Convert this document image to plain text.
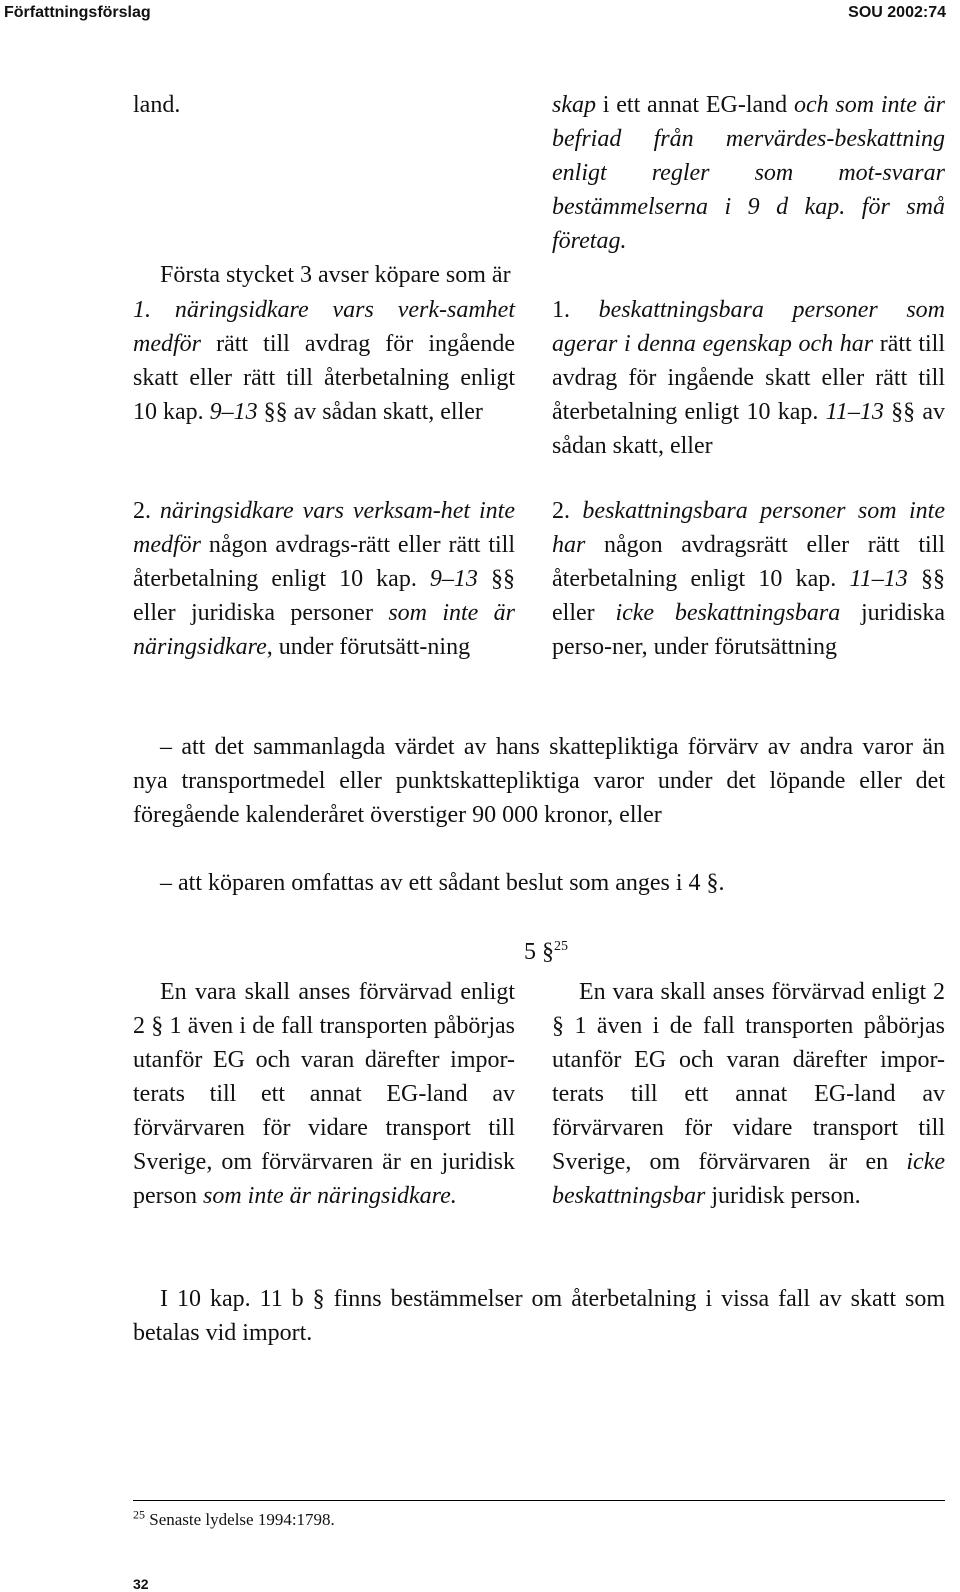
Författningsförslag	SOU 2002:74
land.	skap i ett annat EG-land och som inte är befriad från mervärdes-beskattning enligt regler som mot-svarar bestämmelserna i 9 d kap. för små företag.
Första stycket 3 avser köpare som är
1. näringsidkare vars verk-samhet medför rätt till avdrag för ingående skatt eller rätt till återbetalning enligt 10 kap. 9–13 §§ av sådan skatt, eller
1. beskattningsbara personer som agerar i denna egenskap och har rätt till avdrag för ingående skatt eller rätt till återbetalning enligt 10 kap. 11–13 §§ av sådan skatt, eller
2. näringsidkare vars verksam-het inte medför någon avdrags-rätt eller rätt till återbetalning enligt 10 kap. 9–13 §§ eller juridiska personer som inte är näringsidkare, under förutsätt-ning
2. beskattningsbara personer som inte har någon avdragsrätt eller rätt till återbetalning enligt 10 kap. 11–13 §§ eller icke beskattningsbara juridiska perso-ner, under förutsättning
– att det sammanlagda värdet av hans skattepliktiga förvärv av andra varor än nya transportmedel eller punktskattepliktiga varor under det löpande eller det föregående kalenderåret överstiger 90 000 kronor, eller
– att köparen omfattas av ett sådant beslut som anges i 4 §.
5 §$^{25}$
En vara skall anses förvärvad enligt 2 § 1 även i de fall transporten påbörjas utanför EG och varan därefter impor-terats till ett annat EG-land av förvärvaren för vidare transport till Sverige, om förvärvaren är en juridisk person som inte är näringsidkare.
En vara skall anses förvärvad enligt 2 § 1 även i de fall transporten påbörjas utanför EG och varan därefter impor-terats till ett annat EG-land av förvärvaren för vidare transport till Sverige, om förvärvaren är en icke beskattningsbar juridisk person.
I 10 kap. 11 b § finns bestämmelser om återbetalning i vissa fall av skatt som betalas vid import.
$^{25}$ Senaste lydelse 1994:1798.
32
